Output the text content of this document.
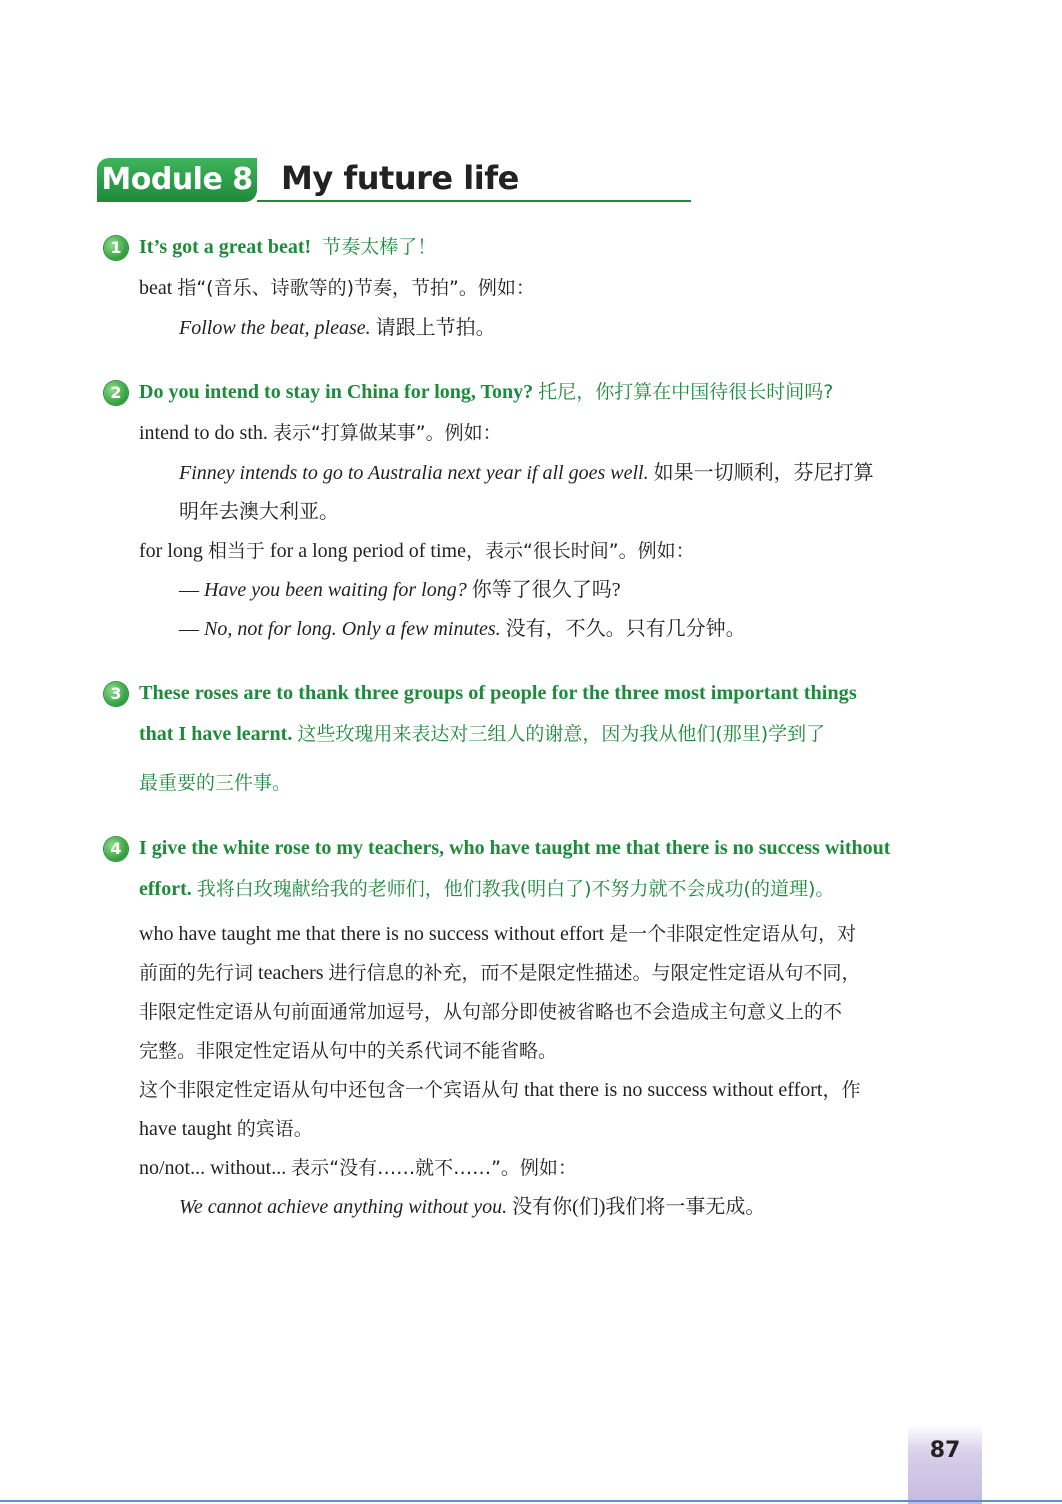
Module 8 My future life
1 It’s got a great beat! 节奏太棒了！
beat 指“(音乐、诗歌等的)节奏，节拍”。例如：
Follow the beat, please. 请跟上节拍。
2 Do you intend to stay in China for long, Tony? 托尼，你打算在中国待很长时间吗?
intend to do sth. 表示“打算做某事”。例如：
Finney intends to go to Australia next year if all goes well. 如果一切顺利，芬尼打算
明年去澳大利亚。
for long 相当于 for a long period of time，表示“很长时间”。例如：
— Have you been waiting for long? 你等了很久了吗?
— No, not for long. Only a few minutes. 没有，不久。只有几分钟。
3 These roses are to thank three groups of people for the three most important things
that I have learnt. 这些玫瑰用来表达对三组人的谢意，因为我从他们(那里)学到了
最重要的三件事。
4 I give the white rose to my teachers, who have taught me that there is no success without
effort. 我将白玫瑰献给我的老师们，他们教我(明白了)不努力就不会成功(的道理)。
who have taught me that there is no success without effort 是一个非限定性定语从句，对
前面的先行词 teachers 进行信息的补充，而不是限定性描述。与限定性定语从句不同，
非限定性定语从句前面通常加逗号，从句部分即使被省略也不会造成主句意义上的不
完整。非限定性定语从句中的关系代词不能省略。
这个非限定性定语从句中还包含一个宾语从句 that there is no success without effort，作
have taught 的宾语。
no/not... without... 表示“没有……就不……”。例如：
We cannot achieve anything without you. 没有你(们)我们将一事无成。
87
